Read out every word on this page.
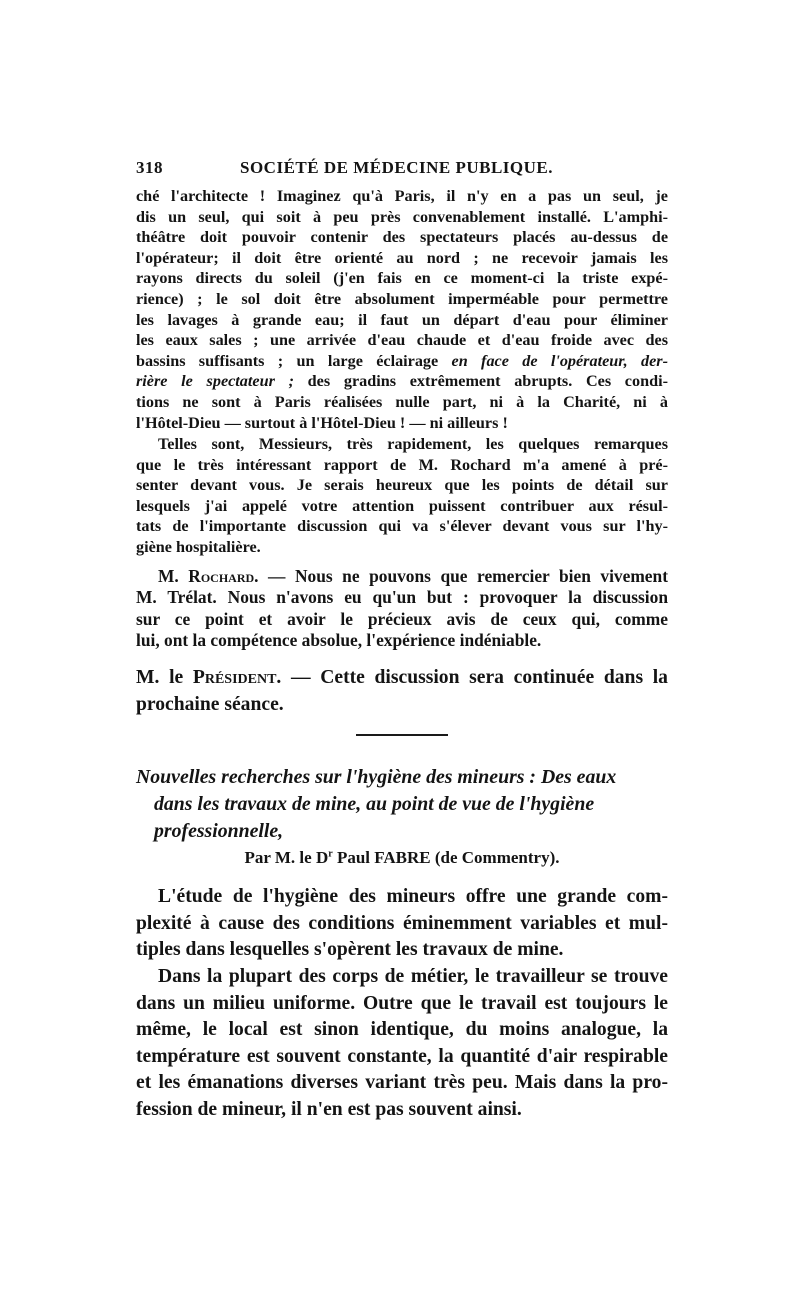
318	SOCIÉTÉ DE MÉDECINE PUBLIQUE.
ché l'architecte ! Imaginez qu'à Paris, il n'y en a pas un seul, je
dis un seul, qui soit à peu près convenablement installé. L'amphi-
théâtre doit pouvoir contenir des spectateurs placés au-dessus de
l'opérateur; il doit être orienté au nord ; ne recevoir jamais les
rayons directs du soleil (j'en fais en ce moment-ci la triste expé-
rience) ; le sol doit être absolument imperméable pour permettre
les lavages à grande eau; il faut un départ d'eau pour éliminer
les eaux sales ; une arrivée d'eau chaude et d'eau froide avec des
bassins suffisants ; un large éclairage en face de l'opérateur, der-
rière le spectateur ; des gradins extrêmement abrupts. Ces condi-
tions ne sont à Paris réalisées nulle part, ni à la Charité, ni à
l'Hôtel-Dieu — surtout à l'Hôtel-Dieu ! — ni ailleurs !
Telles sont, Messieurs, très rapidement, les quelques remarques
que le très intéressant rapport de M. Rochard m'a amené à pré-
senter devant vous. Je serais heureux que les points de détail sur
lesquels j'ai appelé votre attention puissent contribuer aux résul-
tats de l'importante discussion qui va s'élever devant vous sur l'hy-
giène hospitalière.
M. Rochard. — Nous ne pouvons que remercier bien vivement
M. Trélat. Nous n'avons eu qu'un but : provoquer la discussion
sur ce point et avoir le précieux avis de ceux qui, comme
lui, ont la compétence absolue, l'expérience indéniable.
M. le Président. — Cette discussion sera continuée dans la
prochaine séance.
Nouvelles recherches sur l'hygiène des mineurs : Des eaux
dans les travaux de mine, au point de vue de l'hygiène
professionnelle,
Par M. le $D^r$ Paul FABRE (de Commentry).
L'étude de l'hygiène des mineurs offre une grande com-
plexité à cause des conditions éminemment variables et mul-
tiples dans lesquelles s'opèrent les travaux de mine.
Dans la plupart des corps de métier, le travailleur se trouve
dans un milieu uniforme. Outre que le travail est toujours le
même, le local est sinon identique, du moins analogue, la
température est souvent constante, la quantité d'air respirable
et les émanations diverses variant très peu. Mais dans la pro-
fession de mineur, il n'en est pas souvent ainsi.
